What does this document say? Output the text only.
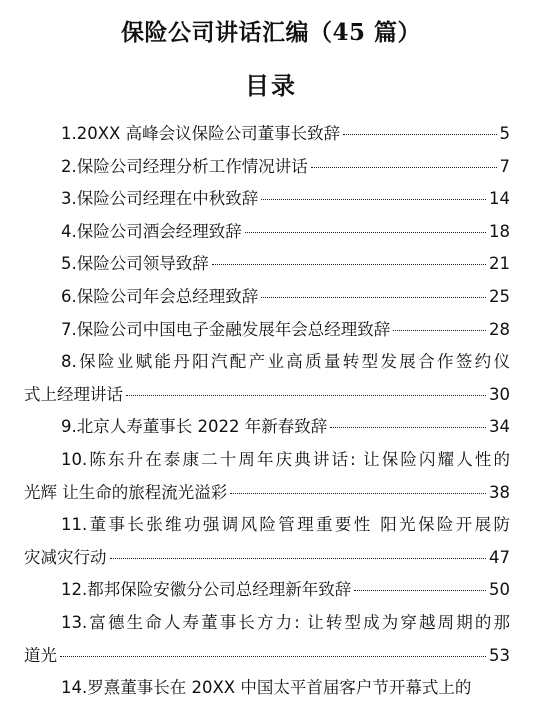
保险公司讲话汇编（45 篇）
目录
1.20XX 高峰会议保险公司董事长致辞	5
2.保险公司经理分析工作情况讲话	7
3.保险公司经理在中秋致辞	14
4.保险公司酒会经理致辞	18
5.保险公司领导致辞	21
6.保险公司年会总经理致辞	25
7.保险公司中国电子金融发展年会总经理致辞	28
8.保险业赋能丹阳汽配产业高质量转型发展合作签约仪
式上经理讲话	30
9.北京人寿董事长 2022 年新春致辞	34
10.陈东升在泰康二十周年庆典讲话: 让保险闪耀人性的
光辉 让生命的旅程流光溢彩	38
11.董事长张维功强调风险管理重要性 阳光保险开展防
灾减灾行动	47
12.都邦保险安徽分公司总经理新年致辞	50
13.富德生命人寿董事长方力: 让转型成为穿越周期的那
道光	53
14.罗熹董事长在 20XX 中国太平首届客户节开幕式上的
